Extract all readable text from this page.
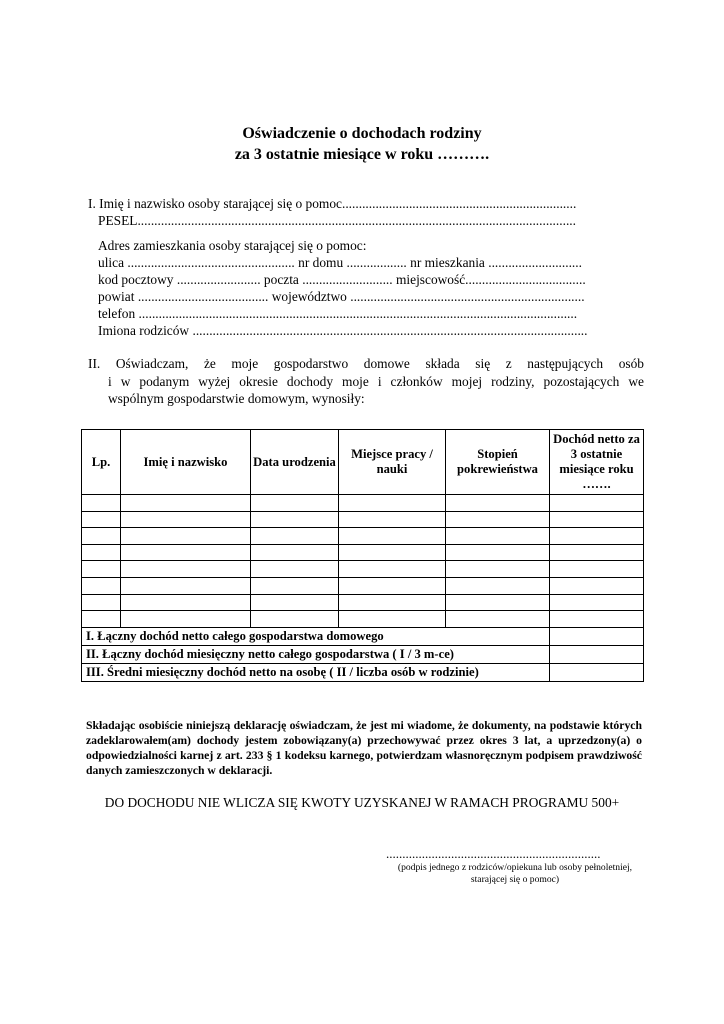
Oświadczenie o dochodach rodziny
za 3 ostatnie miesiące w roku ……….
I. Imię i nazwisko osoby starającej się o pomoc......................................................................
PESEL...................................................................................................................................
Adres zamieszkania osoby starającej się o pomoc:
ulica .................................................. nr domu .................. nr mieszkania ............................
kod pocztowy ......................... poczta ........................... miejscowość....................................
powiat ....................................... województwo ......................................................................
telefon ...................................................................................................................................
Imiona rodziców ......................................................................................................................
II. Oświadczam, że moje gospodarstwo domowe składa się z następujących osób
i w podanym wyżej okresie dochody moje i członków mojej rodziny, pozostających we
wspólnym gospodarstwie domowym, wynosiły:
Lp.	Imię i nazwisko	Data urodzenia	Miejsce pracy / nauki	Stopień pokrewieństwa	Dochód netto za 3 ostatnie miesiące roku …….

I. Łączny dochód netto całego gospodarstwa domowego					
II. Łączny dochód miesięczny netto całego gospodarstwa ( I / 3 m-ce)					
III. Średni miesięczny dochód netto na osobę ( II / liczba osób w rodzinie)					
Składając osobiście niniejszą deklarację oświadczam, że jest mi wiadome, że dokumenty, na podstawie których zadeklarowałem(am) dochody jestem zobowiązany(a) przechowywać przez okres 3 lat, a uprzedzony(a) o odpowiedzialności karnej z art. 233 § 1 kodeksu karnego, potwierdzam własnoręcznym podpisem prawdziwość danych zamieszczonych w deklaracji.
DO DOCHODU NIE WLICZA SIĘ KWOTY UZYSKANEJ W RAMACH PROGRAMU 500+
..................................................................
(podpis jednego z rodziców/opiekuna lub osoby pełnoletniej,
starającej się o pomoc)
